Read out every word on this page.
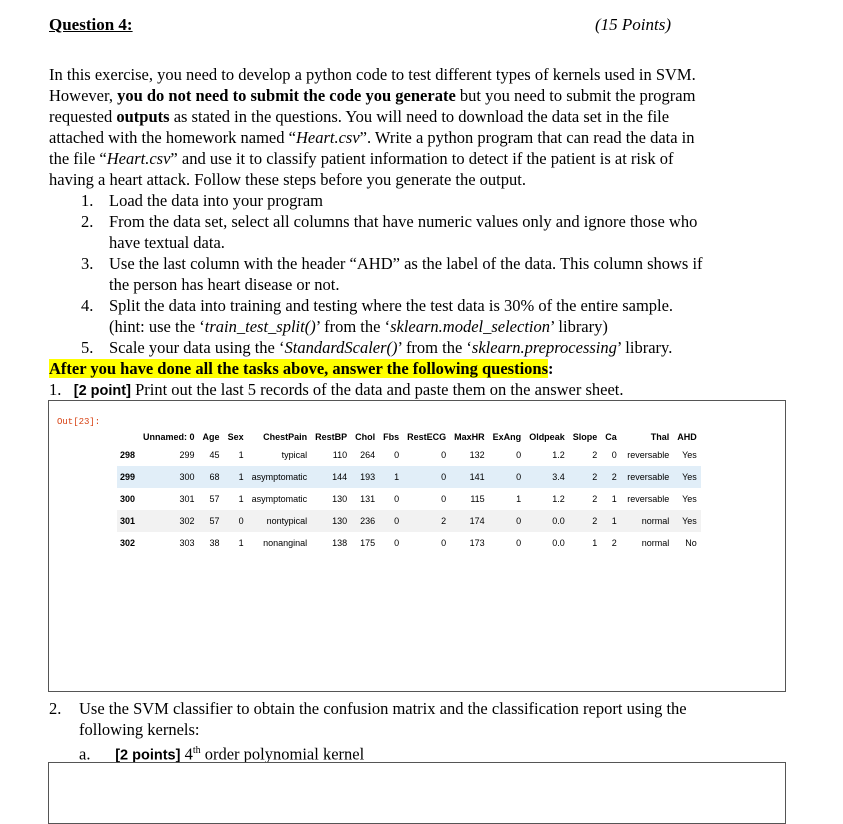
Question 4:	(15 Points)
In this exercise, you need to develop a python code to test different types of kernels used in SVM.
However, you do not need to submit the code you generate but you need to submit the program
requested outputs as stated in the questions. You will need to download the data set in the file
attached with the homework named “Heart.csv”. Write a python program that can read the data in
the file “Heart.csv” and use it to classify patient information to detect if the patient is at risk of
having a heart attack. Follow these steps before you generate the output.
1. Load the data into your program
2. From the data set, select all columns that have numeric values only and ignore those who
have textual data.
3. Use the last column with the header “AHD” as the label of the data. This column shows if
the person has heart disease or not.
4. Split the data into training and testing where the test data is 30% of the entire sample.
(hint: use the ‘train_test_split()’ from the ‘sklearn.model_selection’ library)
5. Scale your data using the ‘StandardScaler()’ from the ‘sklearn.preprocessing’ library.
After you have done all the tasks above, answer the following questions:
1. [2 point] Print out the last 5 records of the data and paste them on the answer sheet.
Out[23]:
	Unnamed: 0	Age	Sex	ChestPain	RestBP	Chol	Fbs	RestECG	MaxHR	ExAng	Oldpeak	Slope	Ca	Thal	AHD
298	299	45	1	typical	110	264	0	0	132	0	1.2	2	0	reversable	Yes
299	300	68	1	asymptomatic	144	193	1	0	141	0	3.4	2	2	reversable	Yes
300	301	57	1	asymptomatic	130	131	0	0	115	1	1.2	2	1	reversable	Yes
301	302	57	0	nontypical	130	236	0	2	174	0	0.0	2	1	normal	Yes
302	303	38	1	nonanginal	138	175	0	0	173	0	0.0	1	2	normal	No
2. Use the SVM classifier to obtain the confusion matrix and the classification report using the
following kernels:
a. [2 points] 4th order polynomial kernel
